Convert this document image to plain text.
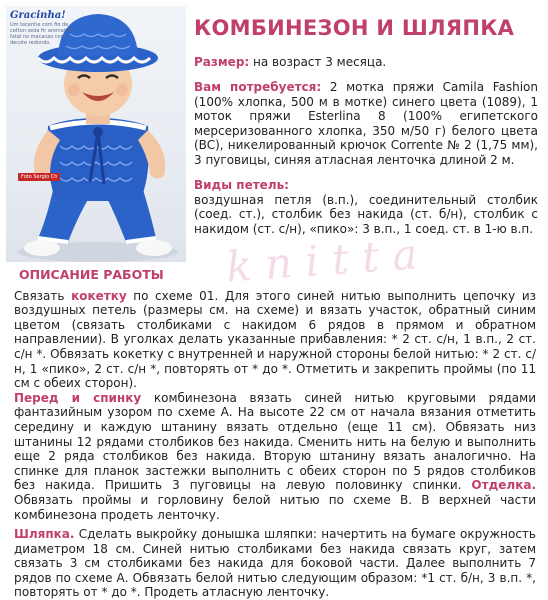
Gracinha!
Um tecenhe com fio de cotton seda fir aromatico fatal no macacao com decote redondo.
Foto Sergio Ch
КОМБИНЕЗОН И ШЛЯПКА
Размер: на возраст 3 месяца.
Вам потребуется: 2 мотка пряжи Camila Fashion (100% хлопка, 500 м в мотке) синего цвета (1089), 1 моток пряжи Esterlina 8 (100% египетского мерсеризованного хлопка, 350 м/50 г) белого цвета (BC), никелированный крючок Corrente № 2 (1,75 мм), 3 пуговицы, синяя атласная ленточка длиной 2 м.
Виды петель:
воздушная петля (в.п.), соединительный столбик (соед. ст.), столбик без накида (ст. б/н), столбик с накидом (ст. с/н), «пико»: 3 в.п., 1 соед. ст. в 1-ю в.п.
ОПИСАНИЕ РАБОТЫ

Связать кокетку по схеме 01. Для этого синей нитью выполнить цепочку из воздушных петель (размеры см. на схеме) и вязать участок, обратный синим цветом (связать столбиками с накидом 6 рядов в прямом и обратном направлении). В уголках делать указанные прибавления: * 2 ст. с/н, 1 в.п., 2 ст. с/н *. Обвязать кокетку с внутренней и наружной стороны белой нитью: * 2 ст. с/н, 1 «пико», 2 ст. с/н *, повторять от * до *. Отметить и закрепить проймы (по 11 см с обеих сторон).

Перед и спинку комбинезона вязать синей нитью круговыми рядами фантазийным узором по схеме А. На высоте 22 см от начала вязания отметить середину и каждую штанину вязать отдельно (еще 11 см). Обвязать низ штанины 12 рядами столбиков без накида. Сменить нить на белую и выполнить еще 2 ряда столбиков без накида. Вторую штанину вязать аналогично. На спинке для планок застежки выполнить с обеих сторон по 5 рядов столбиков без накида. Пришить 3 пуговицы на левую половинку спинки. Отделка. Обвязать проймы и горловину белой нитью по схеме В. В верхней части комбинезона продеть ленточку.

Шляпка. Сделать выкройку донышка шляпки: начертить на бумаге окружность диаметром 18 см. Синей нитью столбиками без накида связать круг, затем связать 3 см столбиками без накида для боковой части. Далее выполнить 7 рядов по схеме А. Обвязать белой нитью следующим образом: *1 ст. б/н, 3 в.п. *, повторять от * до *. Продеть атласную ленточку.

k n i t t a
